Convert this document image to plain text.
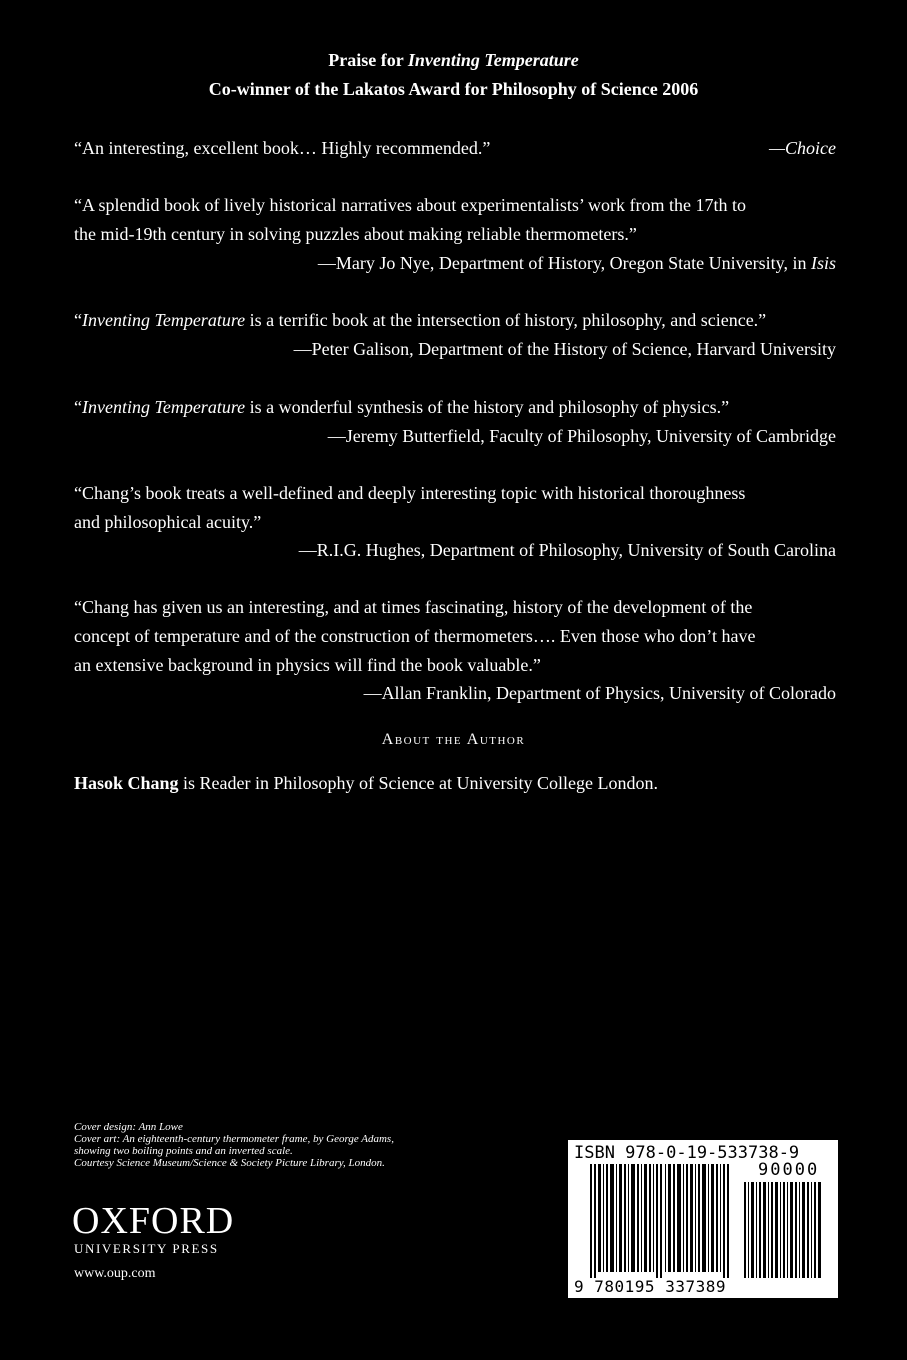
Praise for Inventing Temperature
Co-winner of the Lakatos Award for Philosophy of Science 2006
“An interesting, excellent book… Highly recommended.”	—Choice
“A splendid book of lively historical narratives about experimentalists’ work from the 17th to
the mid-19th century in solving puzzles about making reliable thermometers.”
—Mary Jo Nye, Department of History, Oregon State University, in Isis
“Inventing Temperature is a terrific book at the intersection of history, philosophy, and science.”
—Peter Galison, Department of the History of Science, Harvard University
“Inventing Temperature is a wonderful synthesis of the history and philosophy of physics.”
—Jeremy Butterfield, Faculty of Philosophy, University of Cambridge
“Chang’s book treats a well-defined and deeply interesting topic with historical thoroughness
and philosophical acuity.”
—R.I.G. Hughes, Department of Philosophy, University of South Carolina
“Chang has given us an interesting, and at times fascinating, history of the development of the
concept of temperature and of the construction of thermometers…. Even those who don’t have
an extensive background in physics will find the book valuable.”
—Allan Franklin, Department of Physics, University of Colorado
About the Author
Hasok Chang is Reader in Philosophy of Science at University College London.
Cover design: Ann Lowe
Cover art: An eighteenth-century thermometer frame, by George Adams,
showing two boiling points and an inverted scale.
Courtesy Science Museum/Science & Society Picture Library, London.
OXFORD
UNIVERSITY PRESS
www.oup.com
ISBN 978-0-19-533738-9
90000
9 780195 337389
